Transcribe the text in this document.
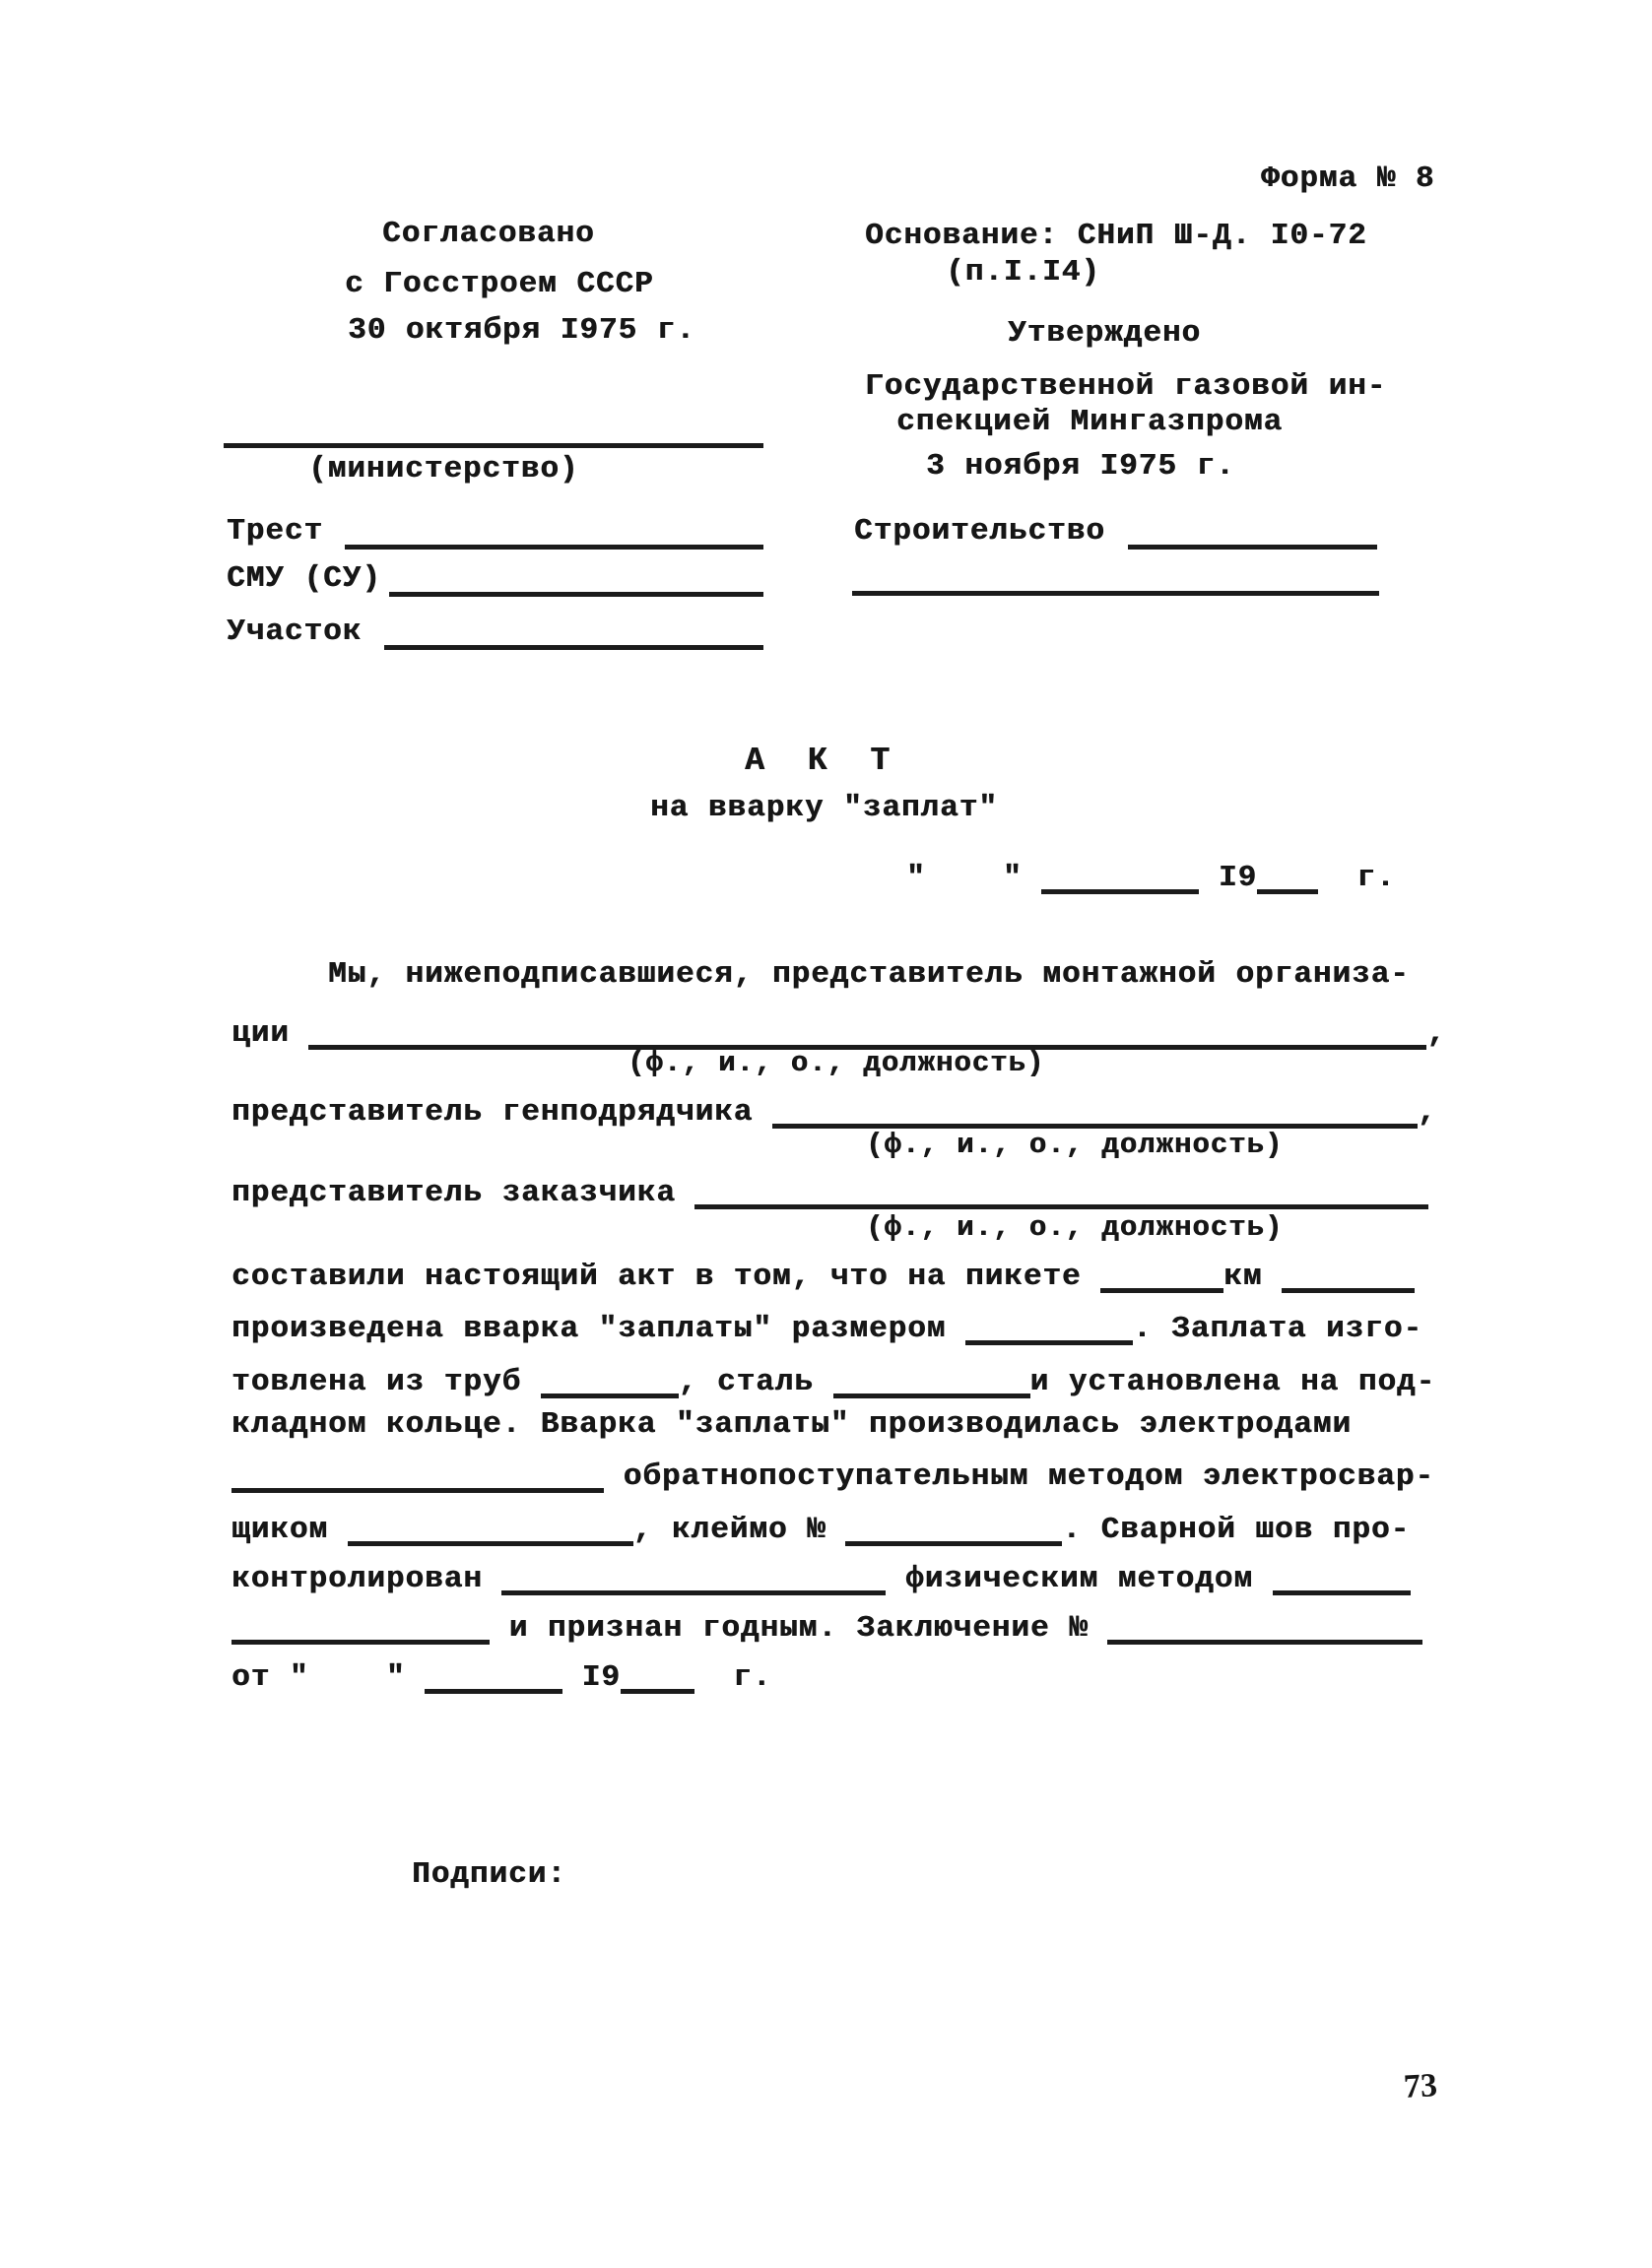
Форма № 8
Согласовано
с Госстроем СССР
30 октября I975 г.
Основание: СНиП Ш-Д. I0-72
(п.I.I4)
Утверждено
Государственной газовой ин-
спекцией Мингазпрома
3 ноября I975 г.
(министерство)
Трест
СМУ (СУ)
Участок
Строительство
А К Т
на вварку "заплат"
"    "	I9	г.
Мы, нижеподписавшиеся, представитель монтажной организа-
ции	,
(ф., и., о., должность)
представитель генподрядчика	,
(ф., и., о., должность)
представитель заказчика
(ф., и., о., должность)
составили настоящий акт в том, что на пикете	км
произведена вварка "заплаты" размером	. Заплата изго-
товлена из труб	, сталь	и установлена на под-
кладном кольце. Вварка "заплаты" производилась электродами
обратнопоступательным методом электросвар-
щиком	, клеймо №	. Сварной шов про-
контролирован	физическим методом
и признан годным. Заключение №
от "    "	I9	г.
Подписи:
73
